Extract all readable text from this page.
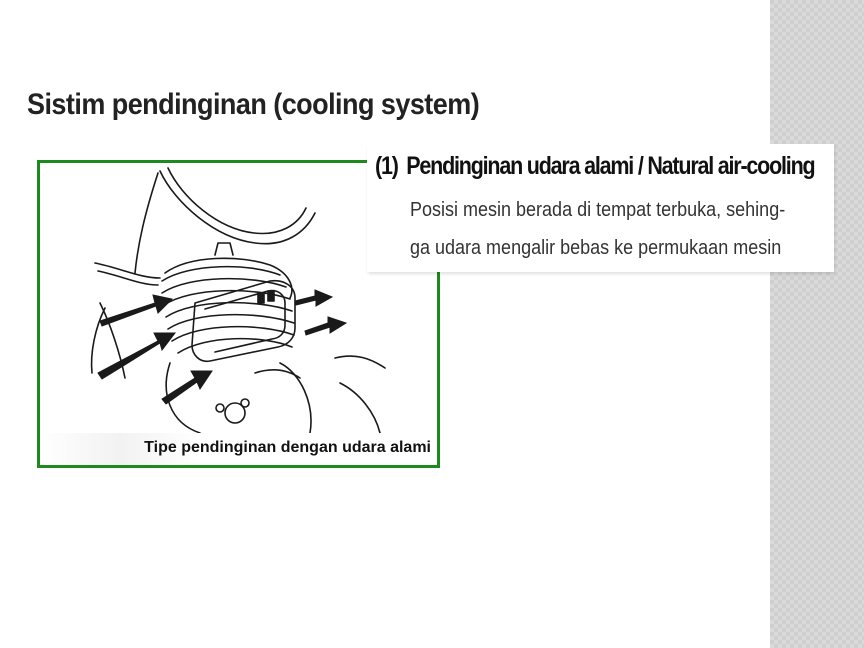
Sistim pendinginan (cooling system)
Tipe pendinginan dengan udara alami
(1) Pendinginan udara alami / Natural air-cooling
Posisi mesin berada di tempat terbuka, sehing-
ga udara mengalir bebas ke permukaan mesin
